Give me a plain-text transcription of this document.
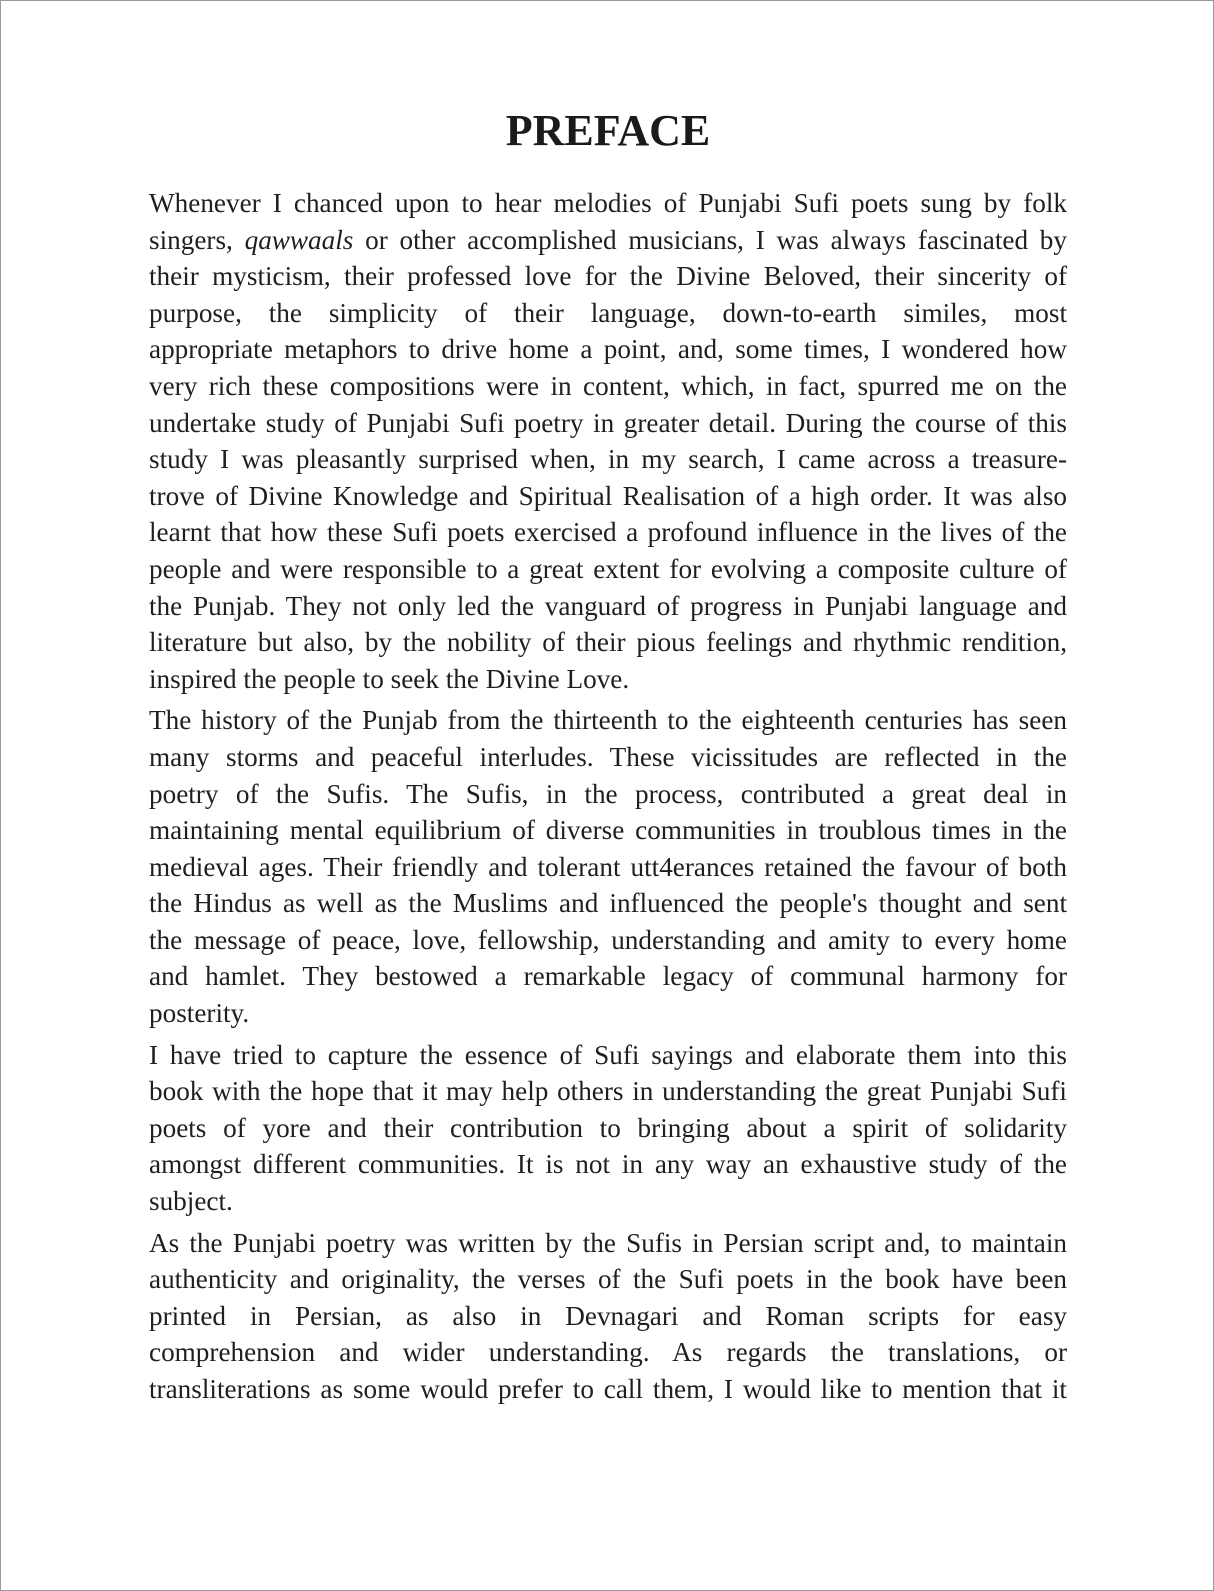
PREFACE
Whenever I chanced upon to hear melodies of Punjabi Sufi poets sung by folk
singers, qawwaals or other accomplished musicians, I was always fascinated by
their mysticism, their professed love for the Divine Beloved, their sincerity of
purpose, the simplicity of their language, down-to-earth similes, most
appropriate metaphors to drive home a point, and, some times, I wondered how
very rich these compositions were in content, which, in fact, spurred me on the
undertake study of Punjabi Sufi poetry in greater detail. During the course of this
study I was pleasantly surprised when, in my search, I came across a treasure-
trove of Divine Knowledge and Spiritual Realisation of a high order. It was also
learnt that how these Sufi poets exercised a profound influence in the lives of the
people and were responsible to a great extent for evolving a composite culture of
the Punjab. They not only led the vanguard of progress in Punjabi language and
literature but also, by the nobility of their pious feelings and rhythmic rendition,
inspired the people to seek the Divine Love.
The history of the Punjab from the thirteenth to the eighteenth centuries has seen
many storms and peaceful interludes. These vicissitudes are reflected in the
poetry of the Sufis. The Sufis, in the process, contributed a great deal in
maintaining mental equilibrium of diverse communities in troublous times in the
medieval ages. Their friendly and tolerant utt4erances retained the favour of both
the Hindus as well as the Muslims and influenced the people's thought and sent
the message of peace, love, fellowship, understanding and amity to every home
and hamlet. They bestowed a remarkable legacy of communal harmony for
posterity.
I have tried to capture the essence of Sufi sayings and elaborate them into this
book with the hope that it may help others in understanding the great Punjabi Sufi
poets of yore and their contribution to bringing about a spirit of solidarity
amongst different communities. It is not in any way an exhaustive study of the
subject.
As the Punjabi poetry was written by the Sufis in Persian script and, to maintain
authenticity and originality, the verses of the Sufi poets in the book have been
printed in Persian, as also in Devnagari and Roman scripts for easy
comprehension and wider understanding. As regards the translations, or
transliterations as some would prefer to call them, I would like to mention that it
